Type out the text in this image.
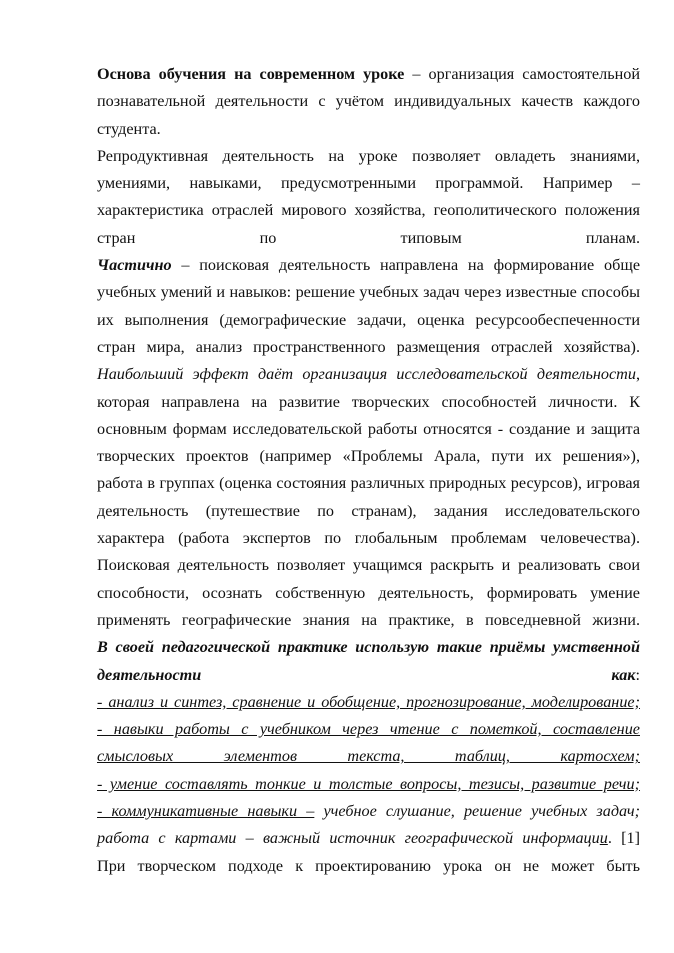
Основа обучения на современном уроке – организация самостоятельной познавательной деятельности с учётом индивидуальных качеств каждого студента.

Репродуктивная деятельность на уроке позволяет овладеть знаниями, умениями, навыками, предусмотренными программой. Например – характеристика отраслей мирового хозяйства, геополитического положения стран по типовым планам.

Частично – поисковая деятельность направлена на формирование обще учебных умений и навыков: решение учебных задач через известные способы их выполнения (демографические задачи, оценка ресурсообеспеченности стран мира, анализ пространственного размещения отраслей хозяйства).

Наибольший эффект даёт организация исследовательской деятельности, которая направлена на развитие творческих способностей личности. К основным формам исследовательской работы относятся - создание и защита творческих проектов (например «Проблемы Арала, пути их решения»), работа в группах (оценка состояния различных природных ресурсов), игровая деятельность (путешествие по странам), задания исследовательского характера (работа экспертов по глобальным проблемам человечества).

Поисковая деятельность позволяет учащимся раскрыть и реализовать свои способности, осознать собственную деятельность, формировать умение применять географические знания на практике, в повседневной жизни.

В своей педагогической практике использую такие приёмы умственной деятельности как:

- анализ и синтез, сравнение и обобщение, прогнозирование, моделирование;

- навыки работы с учебником через чтение с пометкой, составление смысловых элементов текста, таблиц, картосхем;

- умение составлять тонкие и толстые вопросы, тезисы, развитие речи;

- коммуникативные навыки – учебное слушание, решение учебных задач; работа с картами – важный источник географической информации. [1]

При творческом подходе к проектированию урока он не может быть
